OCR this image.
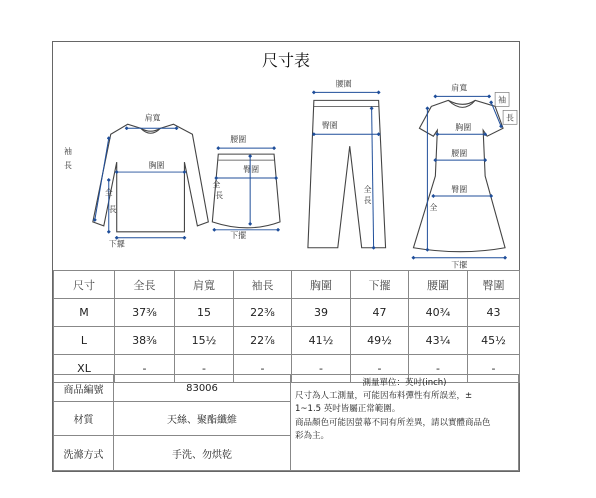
尺寸表
肩寬
袖
長	胸圍
全
長
下擺
腰圍
臀圍
全
長
下擺
腰圍
臀圍
全
長
肩寬
袖
長
胸圍
腰圍
臀圍
全
下擺
尺寸	全長	肩寬	袖長	胸圍	下擺	腰圍	臀圍
M	37⅜	15	22⅜	39	47	40¾	43
L	38⅜	15½	22⅞	41½	49½	43¼	45½
XL	-	-	-	-	-	-	-
商品編號	83006
材質	天絲、聚酯纖維
洗滌方式	手洗、勿烘乾
測量單位：英吋(inch)
尺寸為人工測量，可能因布料彈性有所誤差，±
1~1.5 英吋皆屬正常範圍。
商品顏色可能因螢幕不同有所差異，請以實體商品色
彩為主。
